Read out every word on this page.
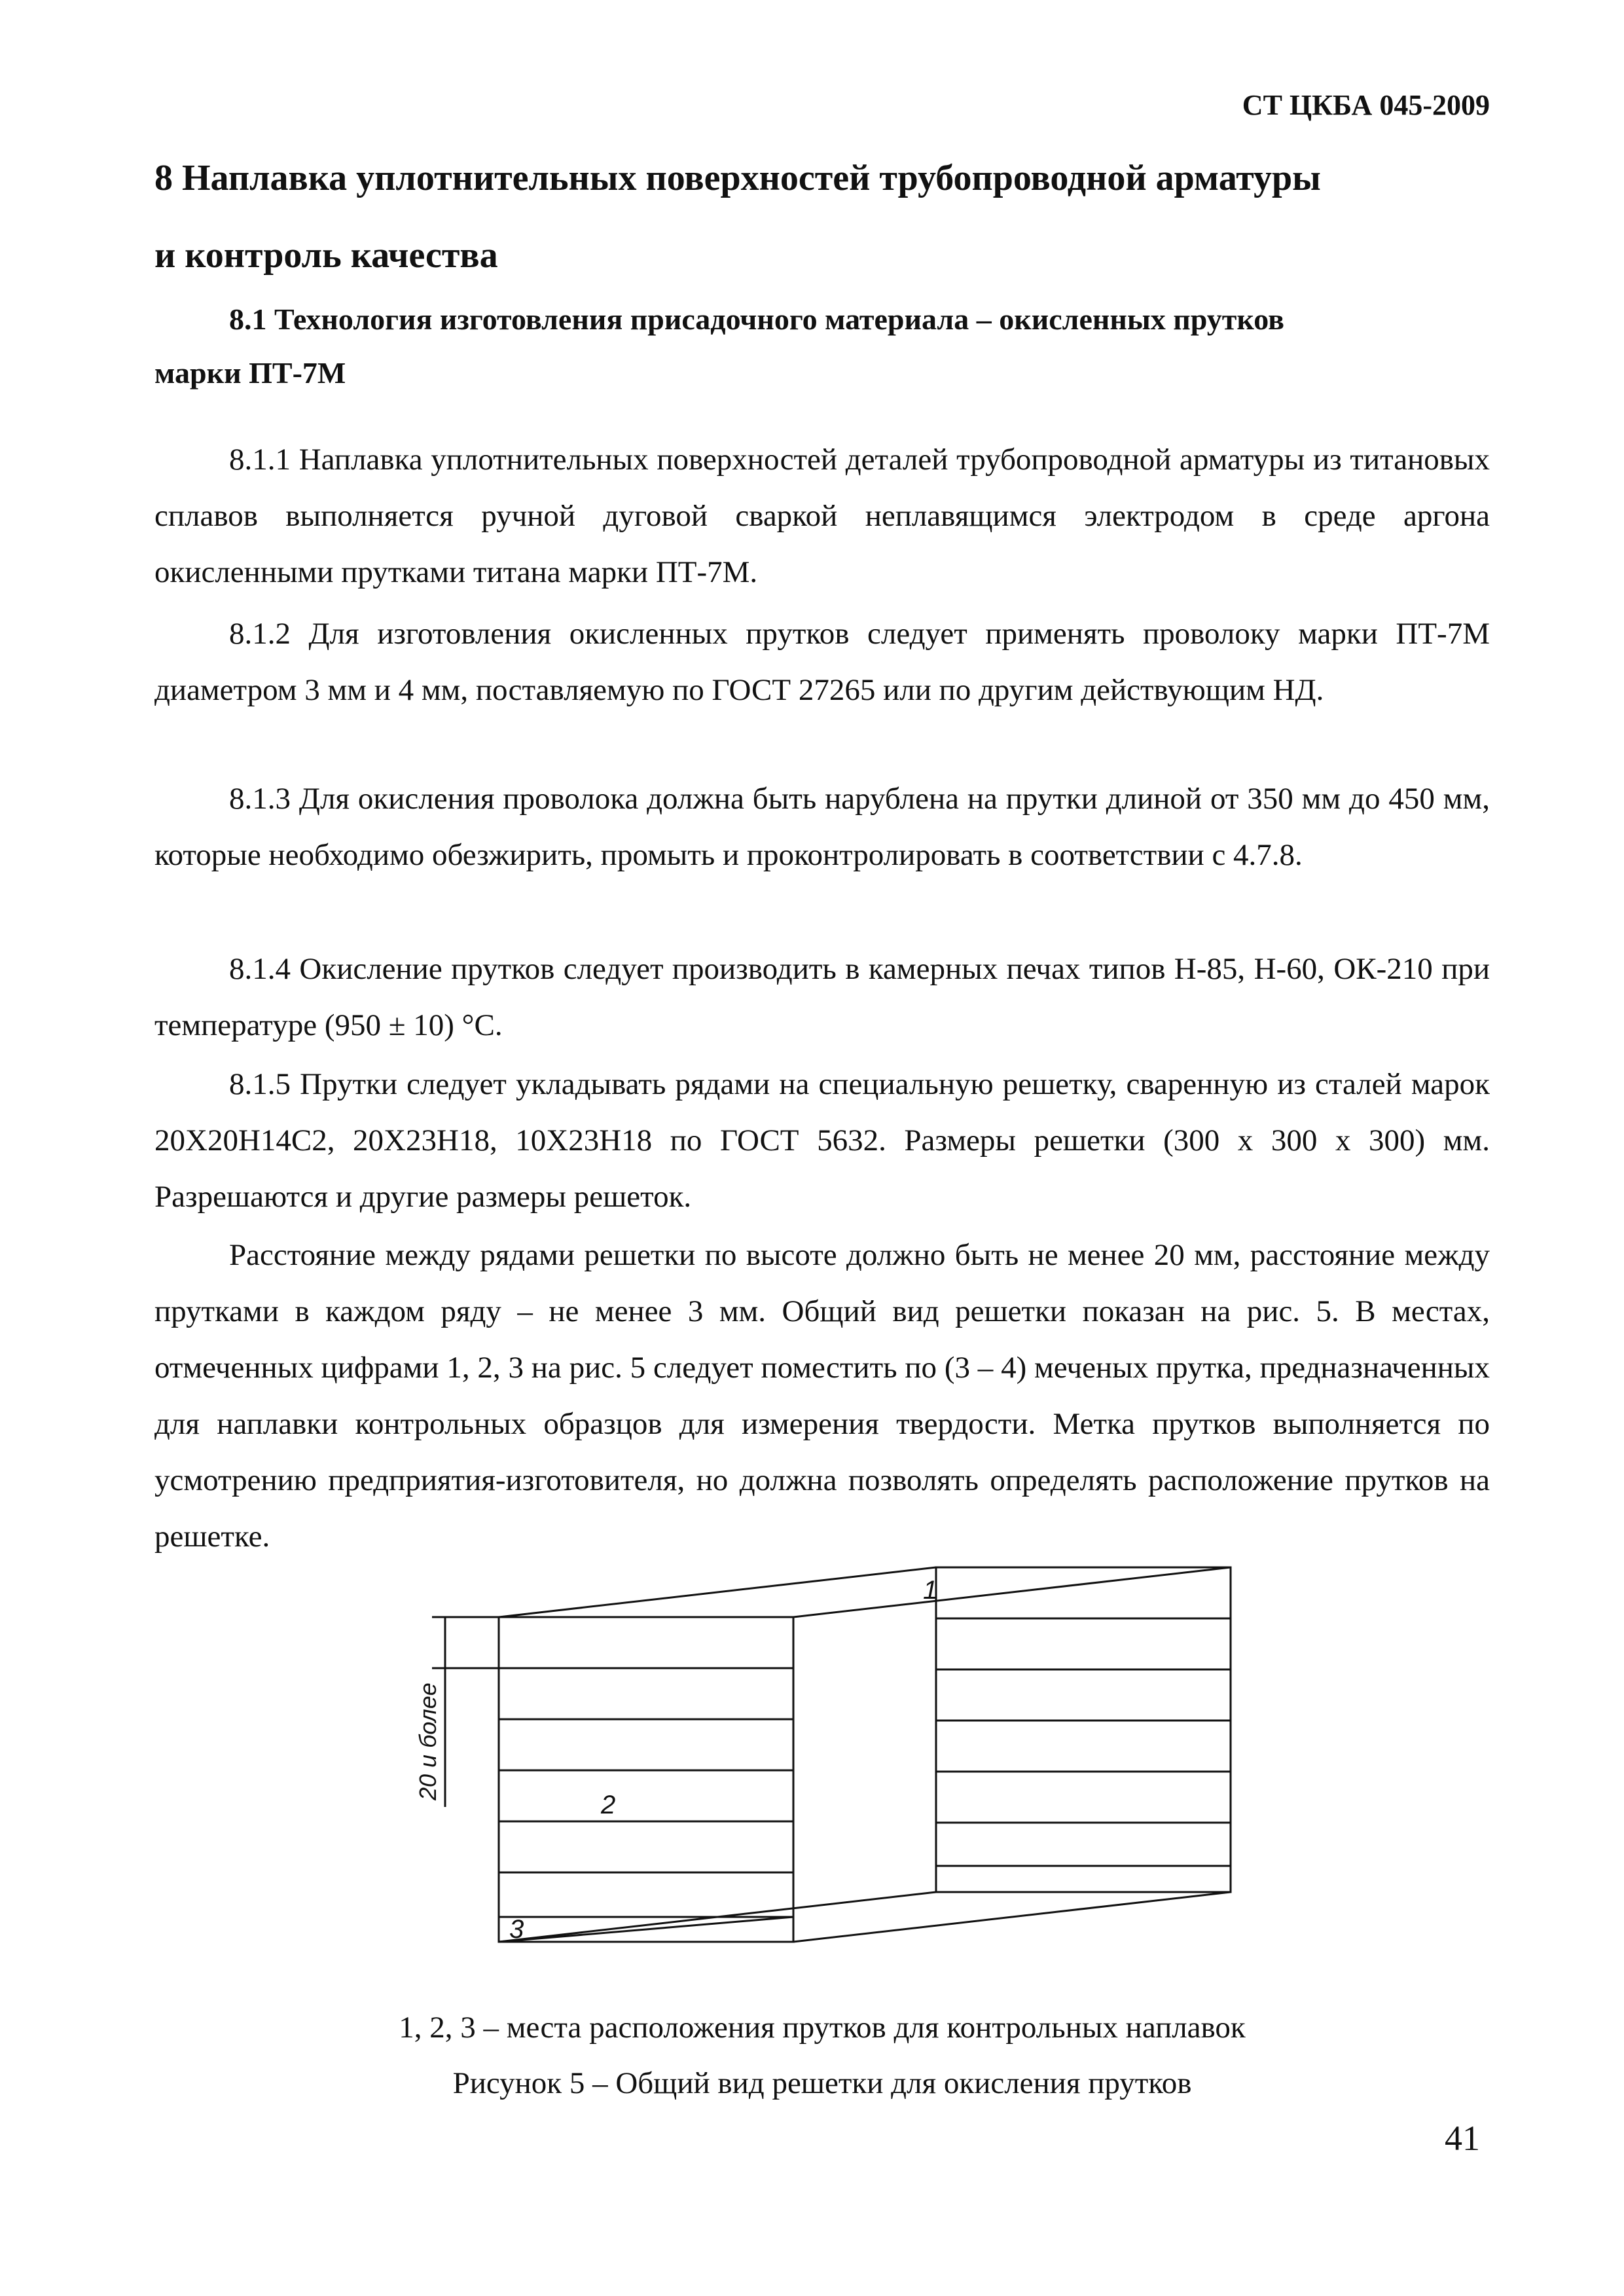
СТ ЦКБА 045-2009
8 Наплавка уплотнительных поверхностей трубопроводной арматуры
и контроль качества
8.1 Технология изготовления присадочного материала – окисленных прутков
марки ПТ-7М

8.1.1 Наплавка уплотнительных поверхностей деталей трубопроводной арматуры из титановых сплавов выполняется ручной дуговой сваркой неплавящимся электродом в среде аргона окисленными прутками титана марки ПТ-7М.

8.1.2 Для изготовления окисленных прутков следует применять проволоку марки ПТ-7М диаметром 3 мм и 4 мм, поставляемую по ГОСТ 27265 или по другим действующим НД.

8.1.3 Для окисления проволока должна быть нарублена на прутки длиной от 350 мм до 450 мм, которые необходимо обезжирить, промыть и проконтролировать в соответствии с 4.7.8.

8.1.4 Окисление прутков следует производить в камерных печах типов Н-85, Н-60, ОК-210 при температуре (950 ± 10) °С.

8.1.5 Прутки следует укладывать рядами на специальную решетку, сваренную из сталей марок 20Х20Н14С2, 20Х23Н18, 10Х23Н18 по ГОСТ 5632. Размеры решетки (300 х 300 х 300) мм. Разрешаются и другие размеры решеток.

Расстояние между рядами решетки по высоте должно быть не менее 20 мм, расстояние между прутками в каждом ряду – не менее 3 мм. Общий вид решетки показан на рис. 5. В местах, отмеченных цифрами 1, 2, 3 на рис. 5 следует поместить по (3 – 4) меченых прутка, предназначенных для наплавки контрольных образцов для измерения твердости. Метка прутков выполняется по усмотрению предприятия-изготовителя, но должна позволять определять расположение прутков на решетке.

1
2
3
20 и более
1, 2, 3 – места расположения прутков для контрольных наплавок
Рисунок 5 – Общий вид решетки для окисления прутков
41
